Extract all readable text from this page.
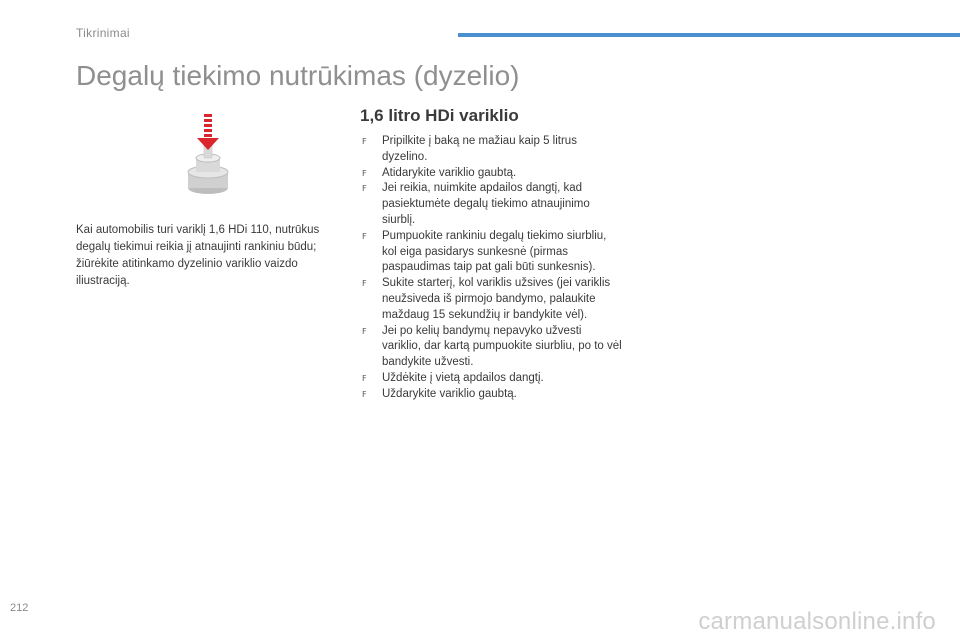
Tikrinimai
Degalų tiekimo nutrūkimas (dyzelio)

Kai automobilis turi variklį 1,6 HDi 110, nutrūkus degalų tiekimui reikia jį atnaujinti rankiniu būdu; žiūrėkite atitinkamo dyzelinio variklio vaizdo iliustraciją.

1,6 litro HDi variklio
F Pripilkite į baką ne mažiau kaip 5 litrus dyzelino.
F Atidarykite variklio gaubtą.
F Jei reikia, nuimkite apdailos dangtį, kad pasiektumėte degalų tiekimo atnaujinimo siurblį.
F Pumpuokite rankiniu degalų tiekimo siurbliu, kol eiga pasidarys sunkesnė (pirmas paspaudimas taip pat gali būti sunkesnis).
F Sukite starterį, kol variklis užsives (jei variklis neužsiveda iš pirmojo bandymo, palaukite maždaug 15 sekundžių ir bandykite vėl).
F Jei po kelių bandymų nepavyko užvesti variklio, dar kartą pumpuokite siurbliu, po to vėl bandykite užvesti.
F Uždėkite į vietą apdailos dangtį.
F Uždarykite variklio gaubtą.
212	carmanualsonline.info
